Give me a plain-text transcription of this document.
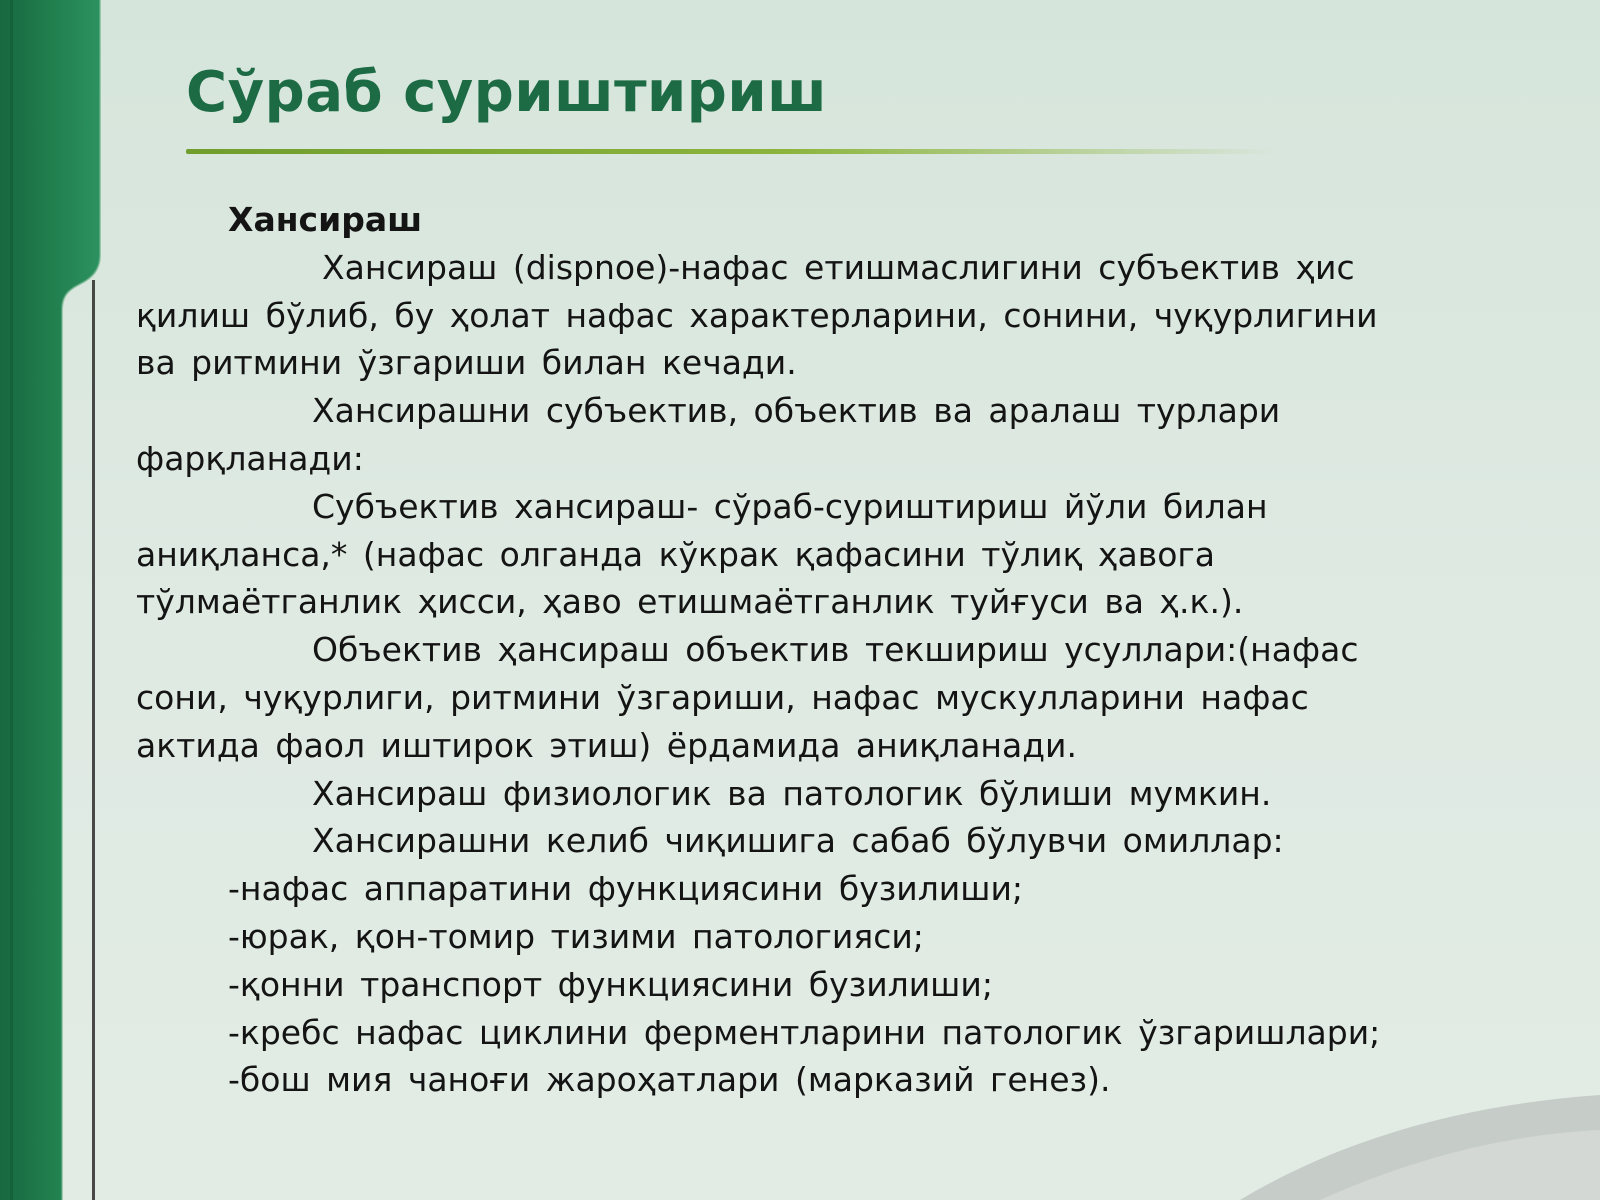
Сўраб суриштириш
Хансираш
Хансираш (dispnoe)-нафас етишмаслигини субъектив ҳис
қилиш бўлиб, бу ҳолат нафас характерларини, сонини, чуқурлигини
ва ритмини ўзгариши билан кечади.
Хансирашни субъектив, объектив ва аралаш турлари
фарқланади:
Субъектив хансираш- сўраб-суриштириш йўли билан
аниқланса,* (нафас олганда кўкрак қафасини тўлиқ ҳавога
тўлмаётганлик ҳисси, ҳаво етишмаётганлик туйғуси ва ҳ.к.).
Объектив ҳансираш объектив текшириш усуллари:(нафас
сони, чуқурлиги, ритмини ўзгариши, нафас мускулларини нафас
актида фаол иштирок этиш) ёрдамида аниқланади.
Хансираш физиологик ва патологик бўлиши мумкин.
Хансирашни келиб чиқишига сабаб бўлувчи омиллар:
-нафас аппаратини функциясини бузилиши;
-юрак, қон-томир тизими патологияси;
-қонни транспорт функциясини бузилиши;
-кребс нафас циклини ферментларини патологик ўзгаришлари;
-бош мия чаноғи жароҳатлари (марказий генез).
